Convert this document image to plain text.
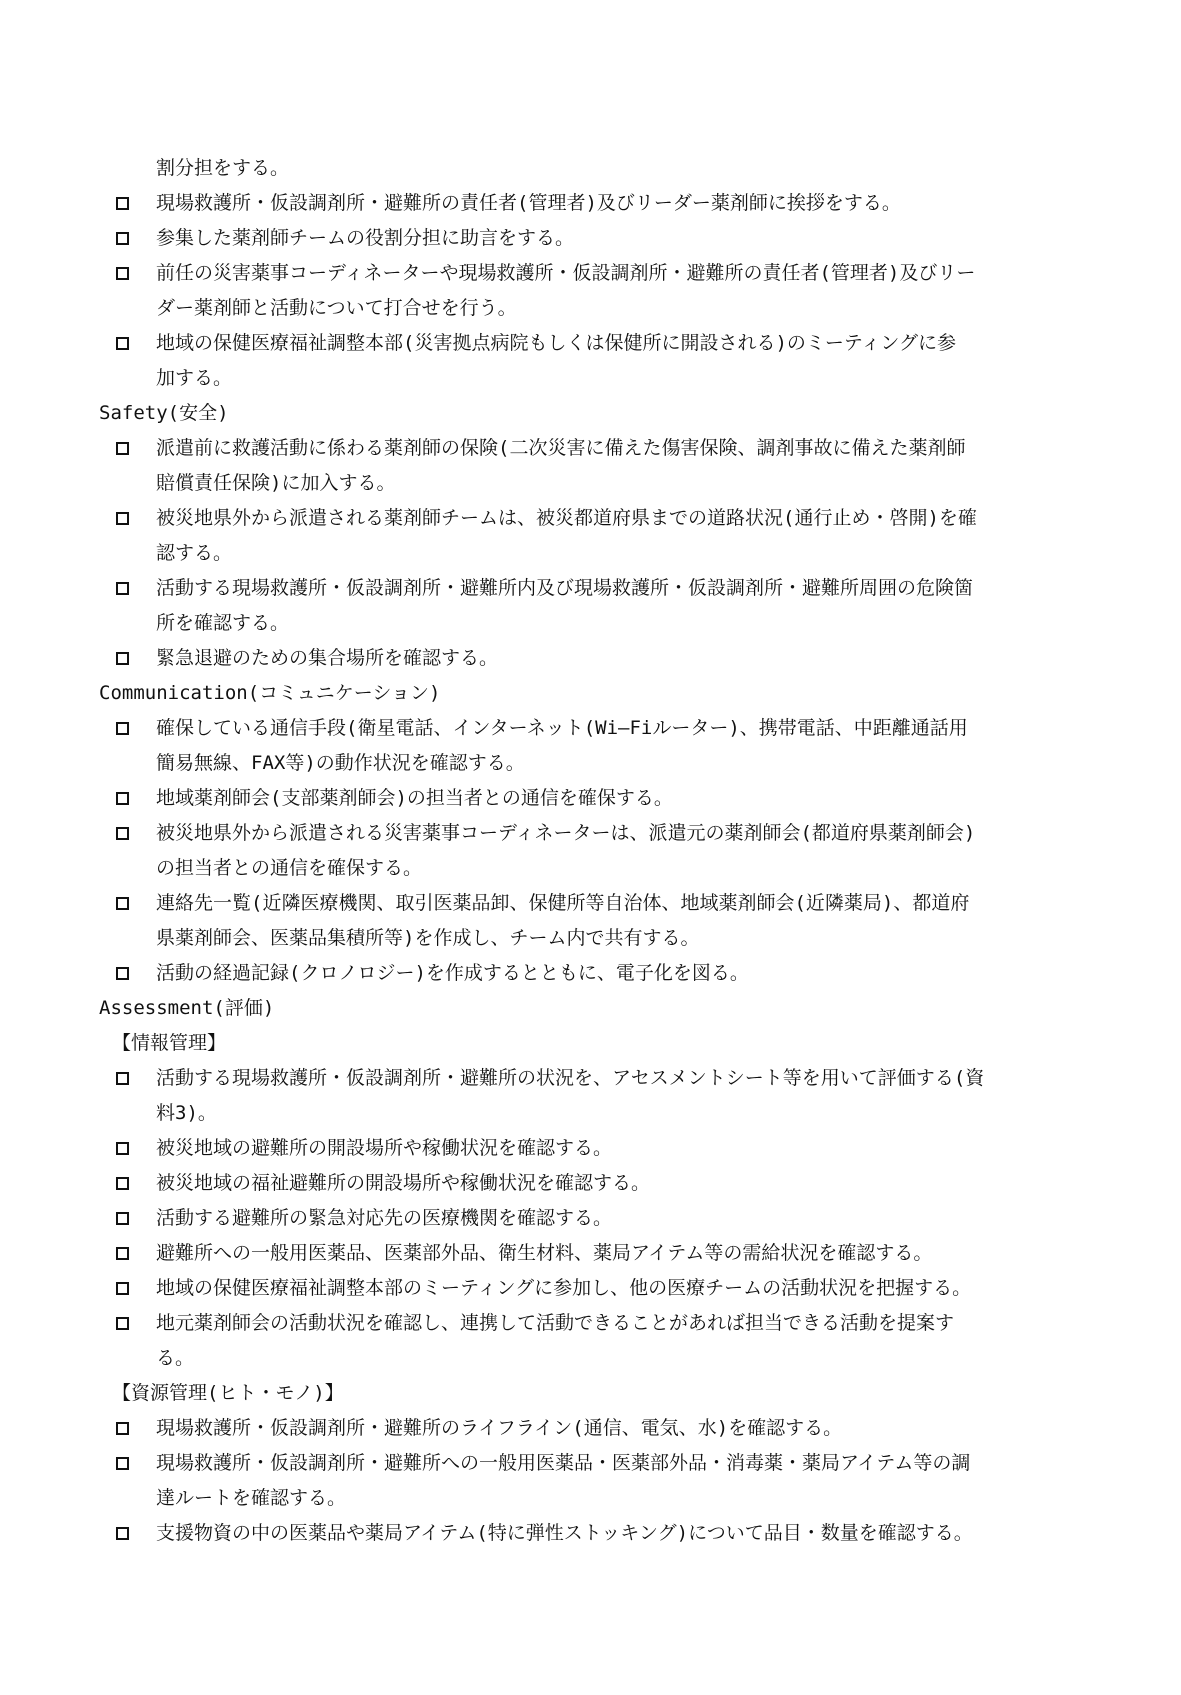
割分担をする。
現場救護所・仮設調剤所・避難所の責任者(管理者)及びリーダー薬剤師に挨拶をする。
参集した薬剤師チームの役割分担に助言をする。
前任の災害薬事コーディネーターや現場救護所・仮設調剤所・避難所の責任者(管理者)及びリー
ダー薬剤師と活動について打合せを行う。
地域の保健医療福祉調整本部(災害拠点病院もしくは保健所に開設される)のミーティングに参
加する。
Safety(安全)
派遣前に救護活動に係わる薬剤師の保険(二次災害に備えた傷害保険、調剤事故に備えた薬剤師
賠償責任保険)に加入する。
被災地県外から派遣される薬剤師チームは、被災都道府県までの道路状況(通行止め・啓開)を確
認する。
活動する現場救護所・仮設調剤所・避難所内及び現場救護所・仮設調剤所・避難所周囲の危険箇
所を確認する。
緊急退避のための集合場所を確認する。
Communication(コミュニケーション)
確保している通信手段(衛星電話、インターネット(Wi―Fiルーター)、携帯電話、中距離通話用
簡易無線、FAX等)の動作状況を確認する。
地域薬剤師会(支部薬剤師会)の担当者との通信を確保する。
被災地県外から派遣される災害薬事コーディネーターは、派遣元の薬剤師会(都道府県薬剤師会)
の担当者との通信を確保する。
連絡先一覧(近隣医療機関、取引医薬品卸、保健所等自治体、地域薬剤師会(近隣薬局)、都道府
県薬剤師会、医薬品集積所等)を作成し、チーム内で共有する。
活動の経過記録(クロノロジー)を作成するとともに、電子化を図る。
Assessment(評価)
【情報管理】
活動する現場救護所・仮設調剤所・避難所の状況を、アセスメントシート等を用いて評価する(資
料3)。
被災地域の避難所の開設場所や稼働状況を確認する。
被災地域の福祉避難所の開設場所や稼働状況を確認する。
活動する避難所の緊急対応先の医療機関を確認する。
避難所への一般用医薬品、医薬部外品、衛生材料、薬局アイテム等の需給状況を確認する。
地域の保健医療福祉調整本部のミーティングに参加し、他の医療チームの活動状況を把握する。
地元薬剤師会の活動状況を確認し、連携して活動できることがあれば担当できる活動を提案す
る。
【資源管理(ヒト・モノ)】
現場救護所・仮設調剤所・避難所のライフライン(通信、電気、水)を確認する。
現場救護所・仮設調剤所・避難所への一般用医薬品・医薬部外品・消毒薬・薬局アイテム等の調
達ルートを確認する。
支援物資の中の医薬品や薬局アイテム(特に弾性ストッキング)について品目・数量を確認する。
